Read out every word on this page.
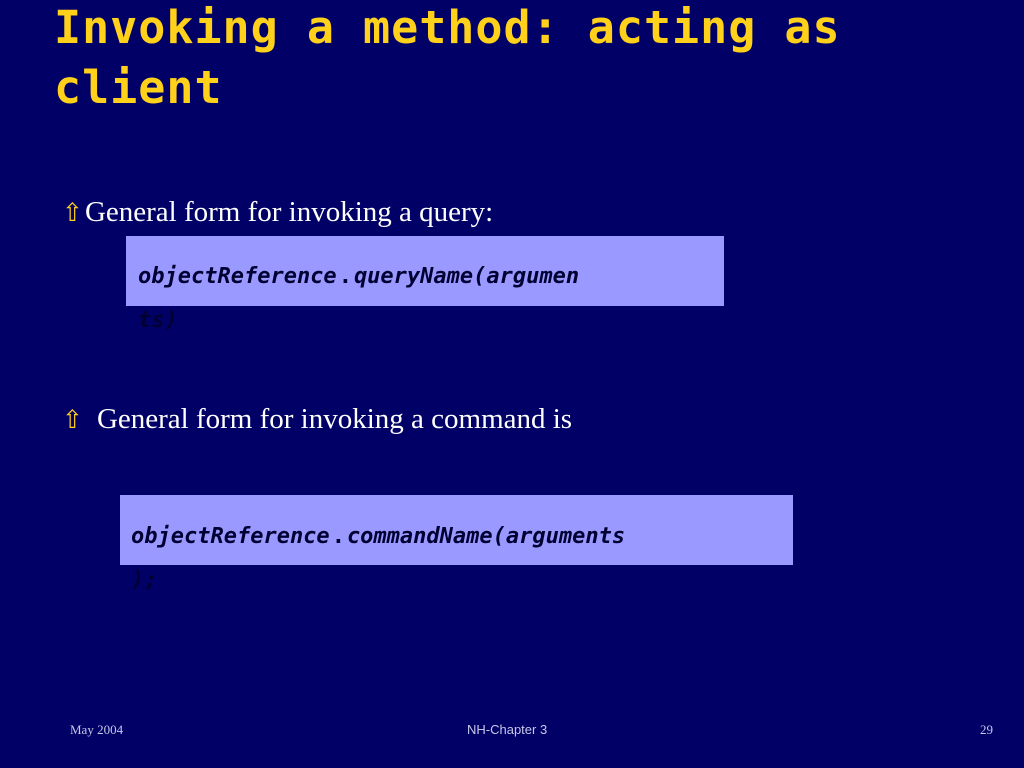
Invoking a method: acting as
client
⇧ General form for invoking a query:
objectReference.queryName(argumen
ts)
⇧ General form for invoking a command is
objectReference.commandName(arguments
);
May 2004	NH-Chapter 3	29
